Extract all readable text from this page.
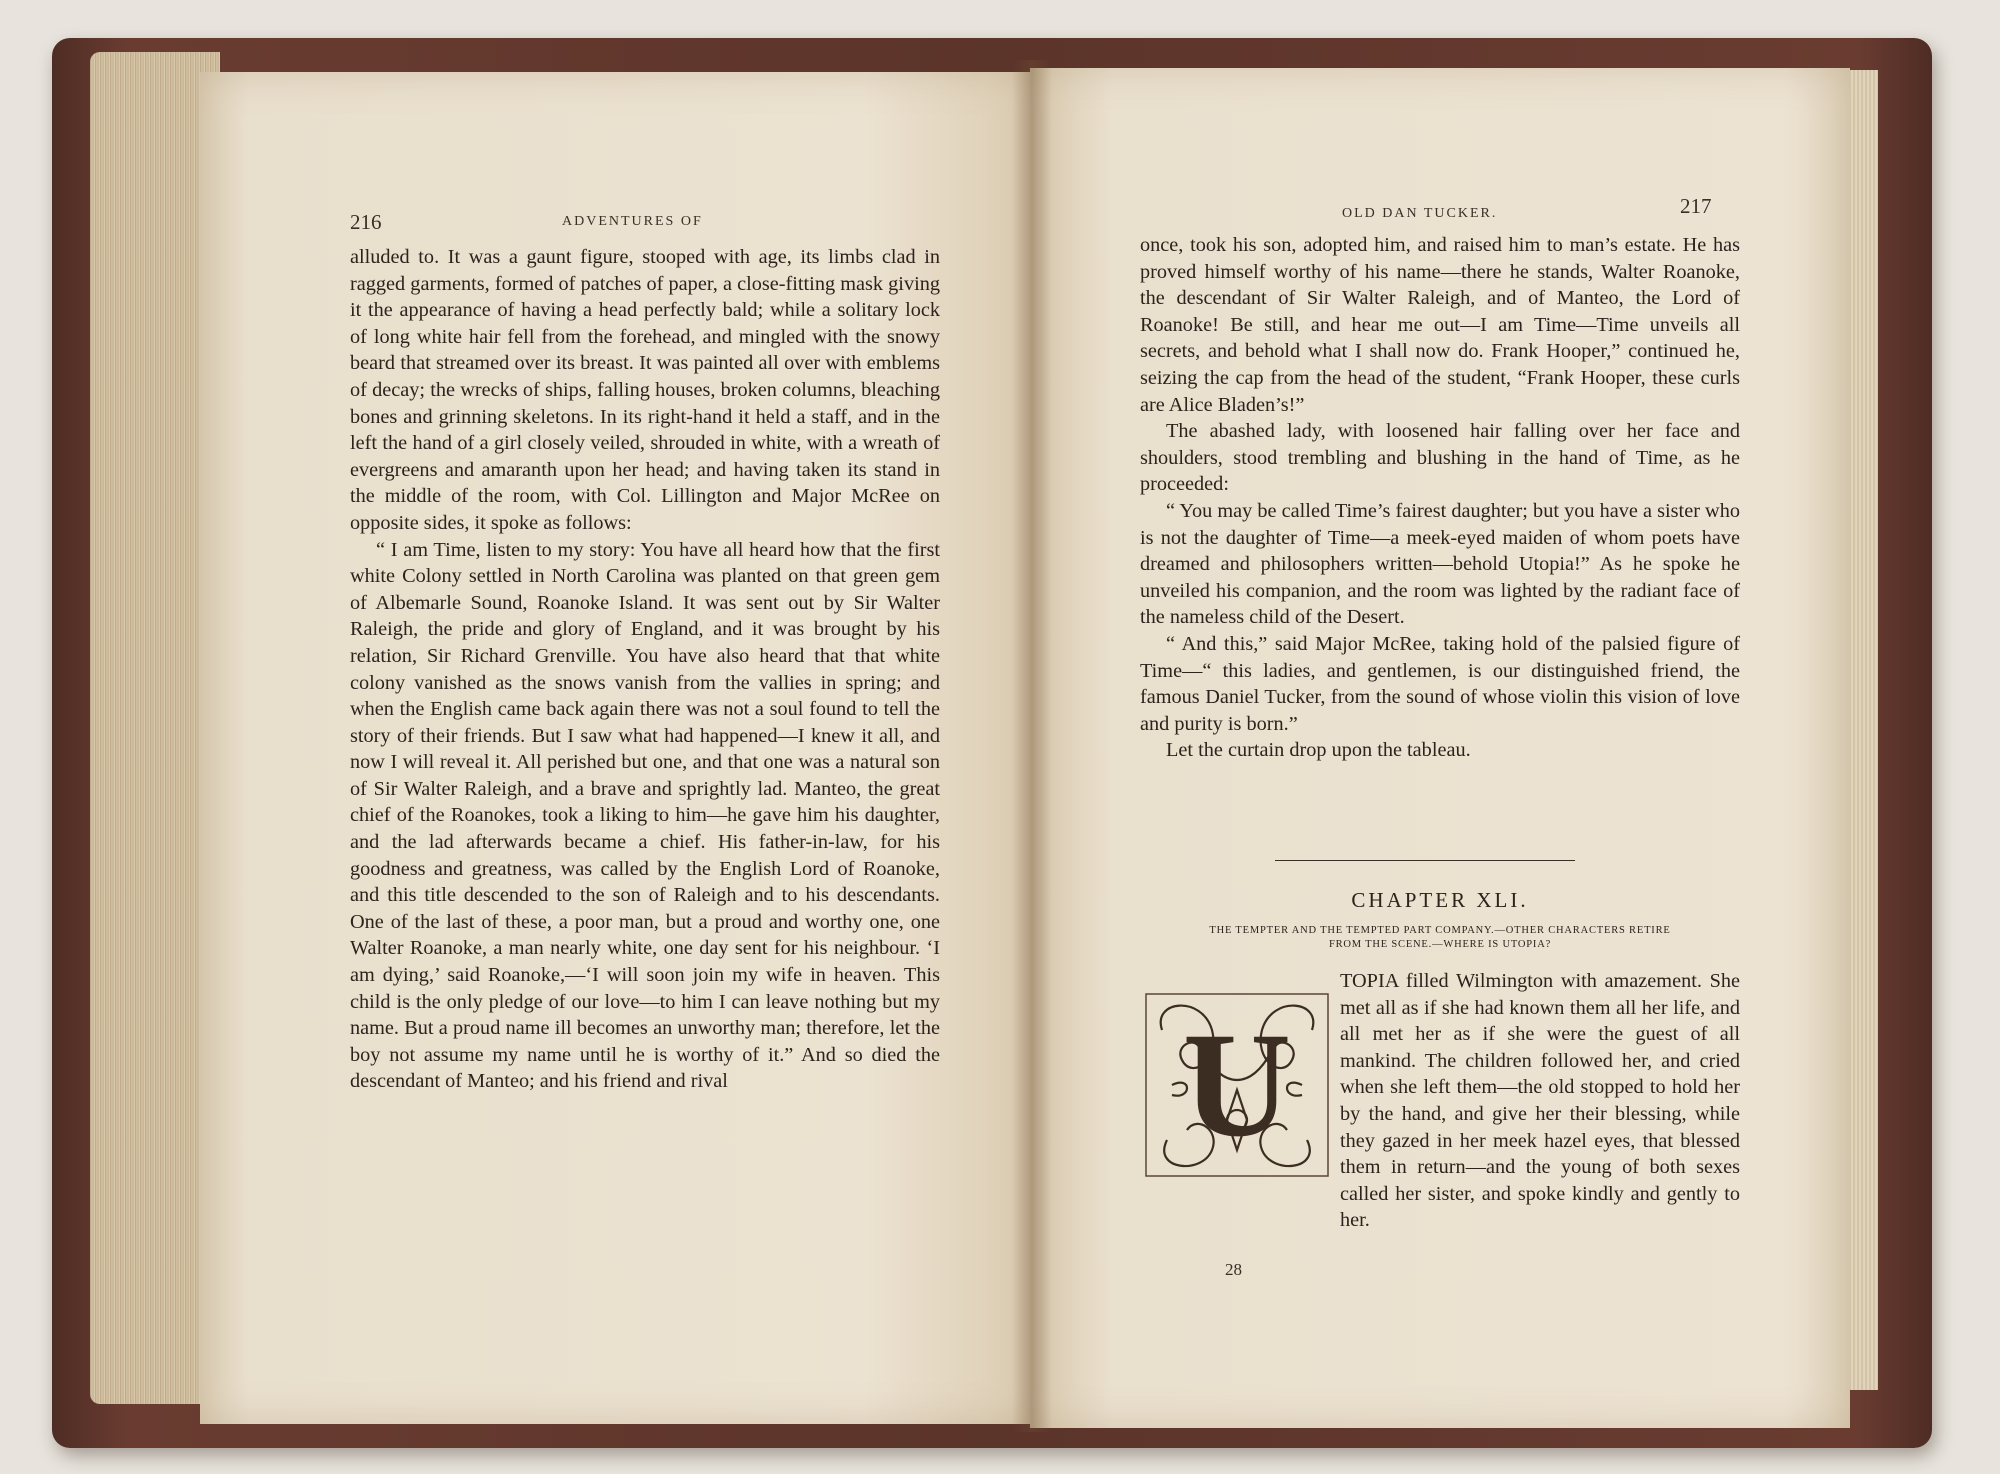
216	ADVENTURES OF

alluded to. It was a gaunt figure, stooped with age, its limbs clad in ragged garments, formed of patches of paper, a close-fitting mask giving it the appearance of having a head perfectly bald; while a solitary lock of long white hair fell from the forehead, and mingled with the snowy beard that streamed over its breast. It was painted all over with emblems of decay; the wrecks of ships, falling houses, broken columns, bleaching bones and grinning skeletons. In its right-hand it held a staff, and in the left the hand of a girl closely veiled, shrouded in white, with a wreath of evergreens and amaranth upon her head; and having taken its stand in the middle of the room, with Col. Lillington and Major McRee on opposite sides, it spoke as follows:

“ I am Time, listen to my story: You have all heard how that the first white Colony settled in North Carolina was planted on that green gem of Albemarle Sound, Roanoke Island. It was sent out by Sir Walter Raleigh, the pride and glory of England, and it was brought by his relation, Sir Richard Grenville. You have also heard that that white colony vanished as the snows vanish from the vallies in spring; and when the English came back again there was not a soul found to tell the story of their friends. But I saw what had happened—I knew it all, and now I will reveal it. All perished but one, and that one was a natural son of Sir Walter Raleigh, and a brave and sprightly lad. Manteo, the great chief of the Roanokes, took a liking to him—he gave him his daughter, and the lad afterwards became a chief. His father-in-law, for his goodness and greatness, was called by the English Lord of Roanoke, and this title descended to the son of Raleigh and to his descendants. One of the last of these, a poor man, but a proud and worthy one, one Walter Roanoke, a man nearly white, one day sent for his neighbour. ‘I am dying,’ said Roanoke,—‘I will soon join my wife in heaven. This child is the only pledge of our love—to him I can leave nothing but my name. But a proud name ill becomes an unworthy man; therefore, let the boy not assume my name until he is worthy of it.” And so died the descendant of Manteo; and his friend and rival

OLD DAN TUCKER.	217

once, took his son, adopted him, and raised him to man’s estate. He has proved himself worthy of his name—there he stands, Walter Roanoke, the descendant of Sir Walter Raleigh, and of Manteo, the Lord of Roanoke! Be still, and hear me out—I am Time—Time unveils all secrets, and behold what I shall now do. Frank Hooper,” continued he, seizing the cap from the head of the student, “Frank Hooper, these curls are Alice Bladen’s!”

The abashed lady, with loosened hair falling over her face and shoulders, stood trembling and blushing in the hand of Time, as he proceeded:

“ You may be called Time’s fairest daughter; but you have a sister who is not the daughter of Time—a meek-eyed maiden of whom poets have dreamed and philosophers written—behold Utopia!” As he spoke he unveiled his companion, and the room was lighted by the radiant face of the nameless child of the Desert.

“ And this,” said Major McRee, taking hold of the palsied figure of Time—“ this ladies, and gentlemen, is our distinguished friend, the famous Daniel Tucker, from the sound of whose violin this vision of love and purity is born.”

Let the curtain drop upon the tableau.

CHAPTER XLI.
THE TEMPTER AND THE TEMPTED PART COMPANY.—OTHER CHARACTERS RETIRE
FROM THE SCENE.—WHERE IS UTOPIA?

TOPIA filled Wilmington with amazement. She met all as if she had known them all her life, and all met her as if she were the guest of all mankind. The children followed her, and cried when she left them—the old stopped to hold her by the hand, and give her their blessing, while they gazed in her meek hazel eyes, that blessed them in return—and the young of both sexes called her sister, and spoke kindly and gently to her.

28
U
